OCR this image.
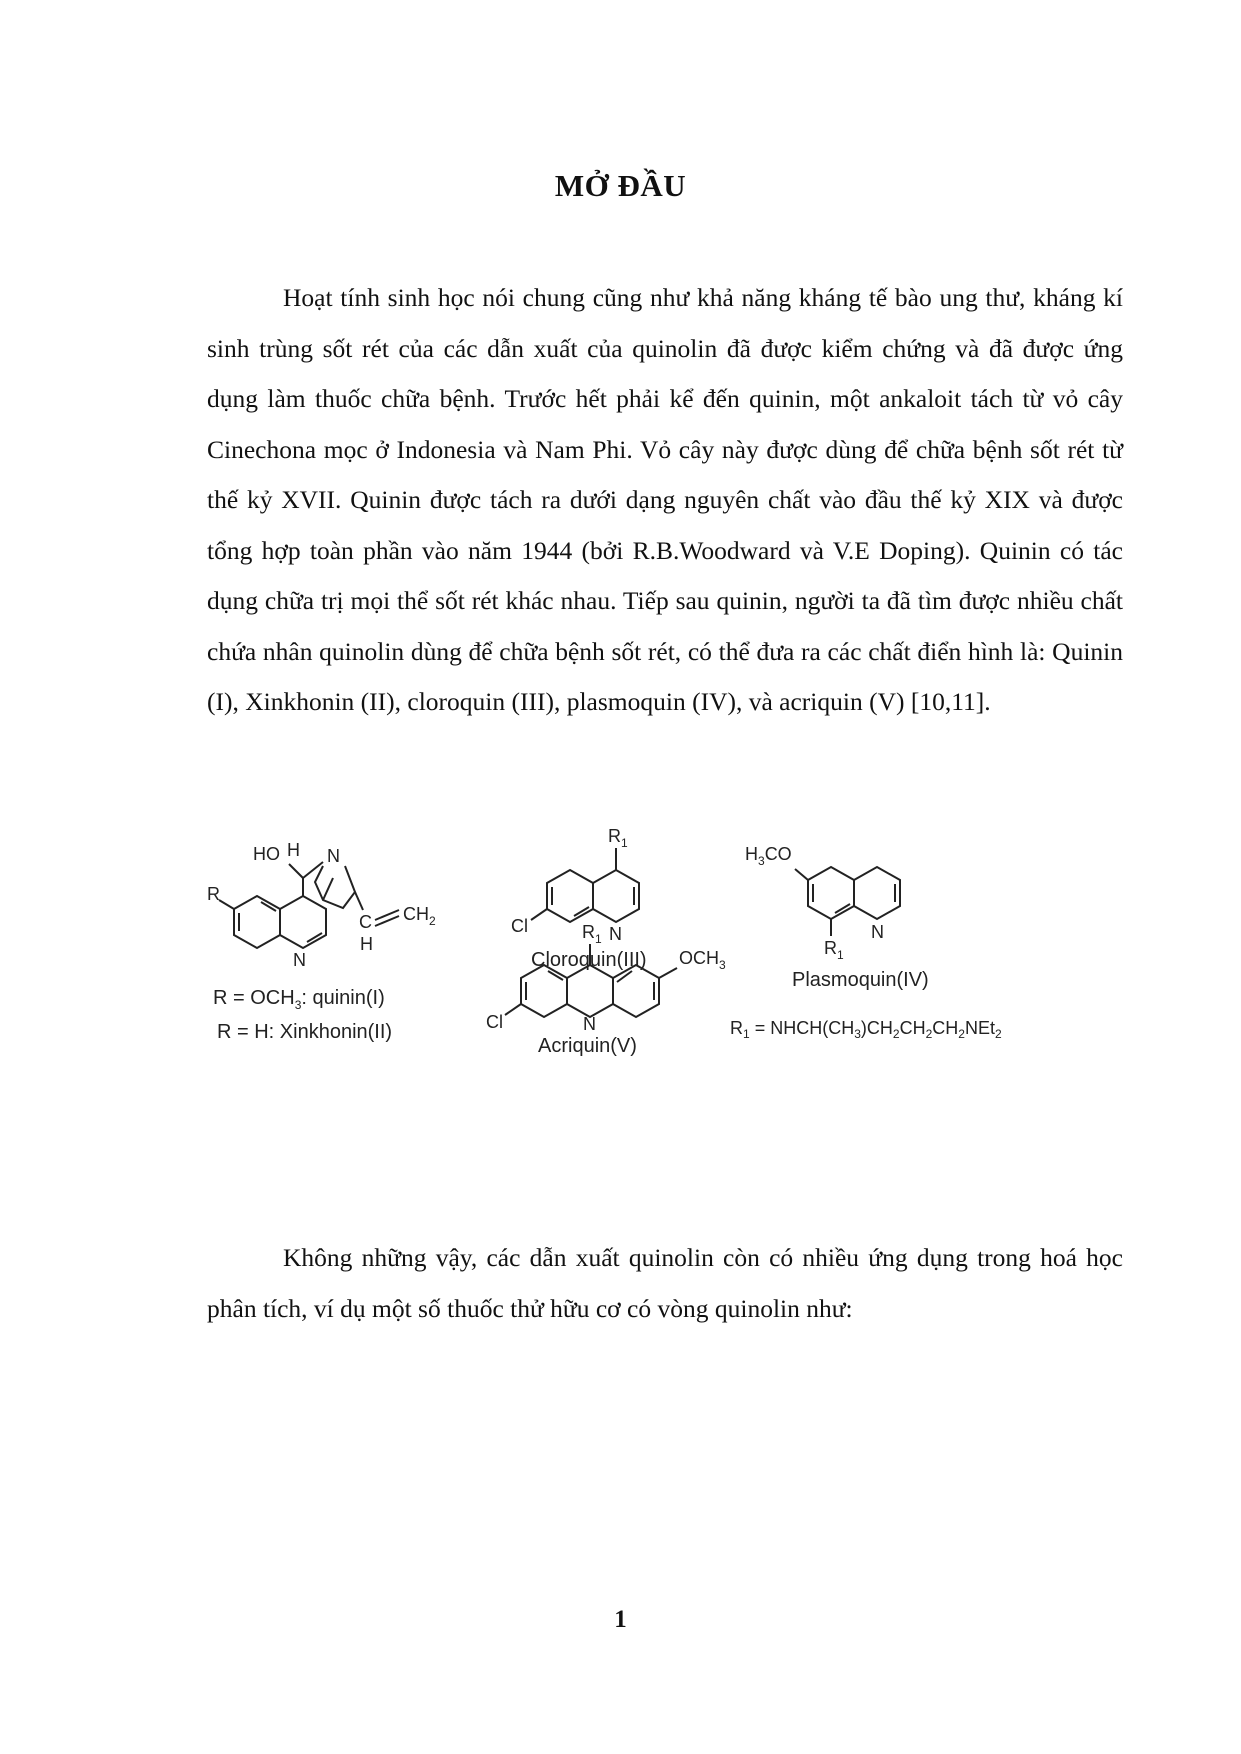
MỞ ĐẦU

Hoạt tính sinh học nói chung cũng như khả năng kháng tế bào ung thư, kháng kí sinh trùng sốt rét của các dẫn xuất của quinolin đã được kiểm chứng và đã được ứng dụng làm thuốc chữa bệnh. Trước hết phải kể đến quinin, một ankaloit tách từ vỏ cây Cinechona mọc ở Indonesia và Nam Phi. Vỏ cây này được dùng để chữa bệnh sốt rét từ thế kỷ XVII. Quinin được tách ra dưới dạng nguyên chất vào đầu thế kỷ XIX và được tổng hợp toàn phần vào năm 1944 (bởi R.B.Woodward và V.E Doping). Quinin có tác dụng chữa trị mọi thể sốt rét khác nhau. Tiếp sau quinin, người ta đã tìm được nhiều chất chứa nhân quinolin dùng để chữa bệnh sốt rét, có thể đưa ra các chất điển hình là: Quinin (I), Xinkhonin (II), cloroquin (III), plasmoquin (IV), và acriquin (V) [10,11].

R
N
HO H N
C
H
$CH_2$
$R = OCH_3$: quinin(I)
R = H: Xinkhonin(II)
$R_1$
Cl	N
Cloroquin(III)
$R_1$
$OCH_3$
Cl	N
Acriquin(V)
$H_3CO$
$R_1$
N
Plasmoquin(IV)
$R_1$ = $NHCH(CH_3)CH_2CH_2CH_2NEt_2$

Không những vậy, các dẫn xuất quinolin còn có nhiều ứng dụng trong hoá học phân tích, ví dụ một số thuốc thử hữu cơ có vòng quinolin như:

1
